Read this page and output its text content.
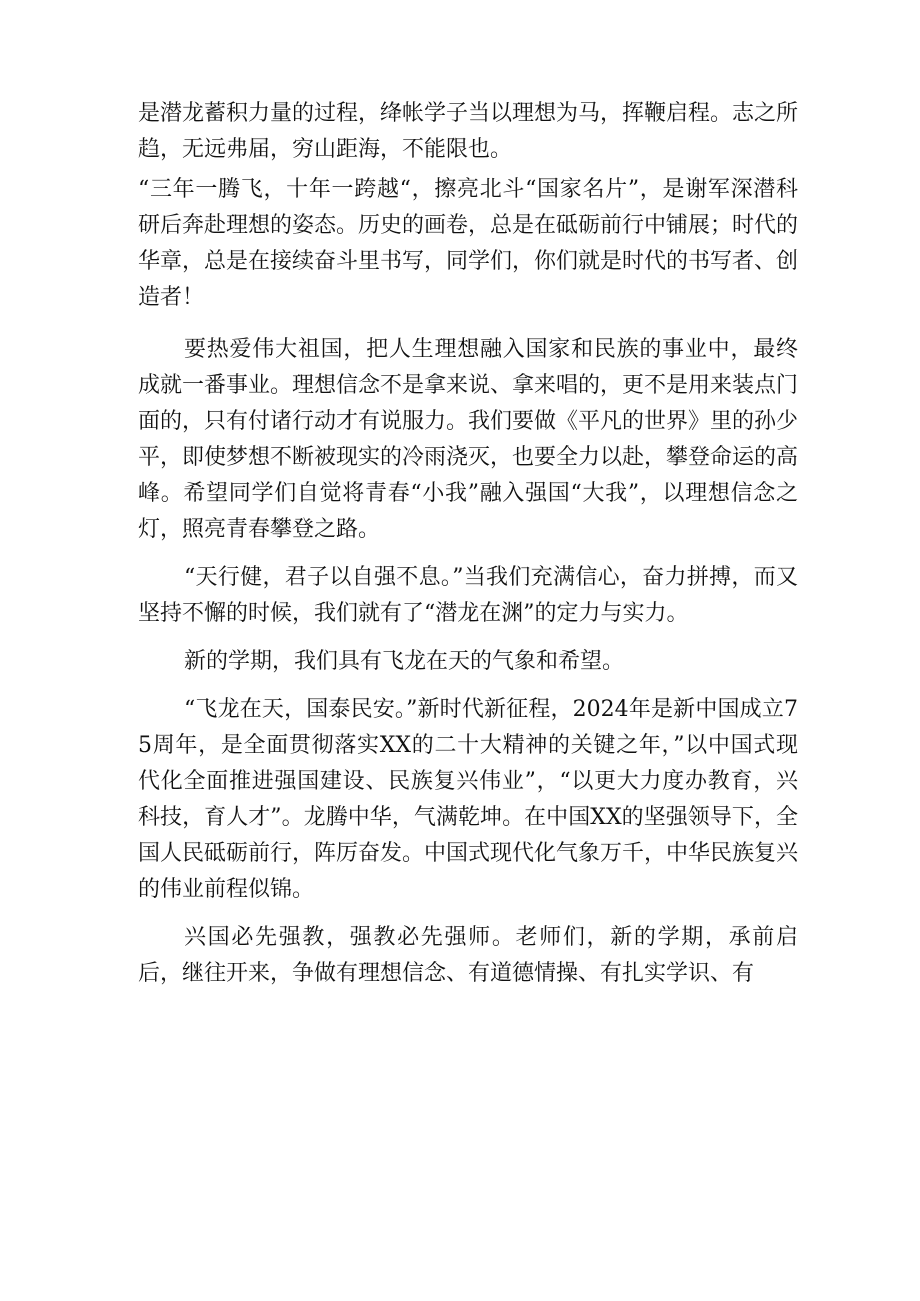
是潜龙蓄积力量的过程，绛帐学子当以理想为马，挥鞭启程。志之所趋，无远弗届，穷山距海，不能限也。

“三年一腾飞，十年一跨越“，擦亮北斗“国家名片”，是谢军深潜科研后奔赴理想的姿态。历史的画卷，总是在砥砺前行中铺展；时代的华章，总是在接续奋斗里书写，同学们，你们就是时代的书写者、创造者！

要热爱伟大祖国，把人生理想融入国家和民族的事业中，最终成就一番事业。理想信念不是拿来说、拿来唱的，更不是用来装点门面的，只有付诸行动才有说服力。我们要做《平凡的世界》里的孙少平，即使梦想不断被现实的冷雨浇灭，也要全力以赴，攀登命运的高峰。希望同学们自觉将青春“小我”融入强国“大我”，以理想信念之灯，照亮青春攀登之路。

“天行健，君子以自强不息。”当我们充满信心，奋力拼搏，而又坚持不懈的时候，我们就有了“潜龙在渊”的定力与实力。

新的学期，我们具有飞龙在天的气象和希望。

“飞龙在天，国泰民安。”新时代新征程，2024年是新中国成立75周年，是全面贯彻落实XX的二十大精神的关键之年，”以中国式现代化全面推进强国建设、民族复兴伟业”，“以更大力度办教育，兴科技，育人才”。龙腾中华，气满乾坤。在中国XX的坚强领导下，全国人民砥砺前行，阵厉奋发。中国式现代化气象万千，中华民族复兴的伟业前程似锦。

兴国必先强教，强教必先强师。老师们，新的学期，承前启后，继往开来，争做有理想信念、有道德情操、有扎实学识、有
